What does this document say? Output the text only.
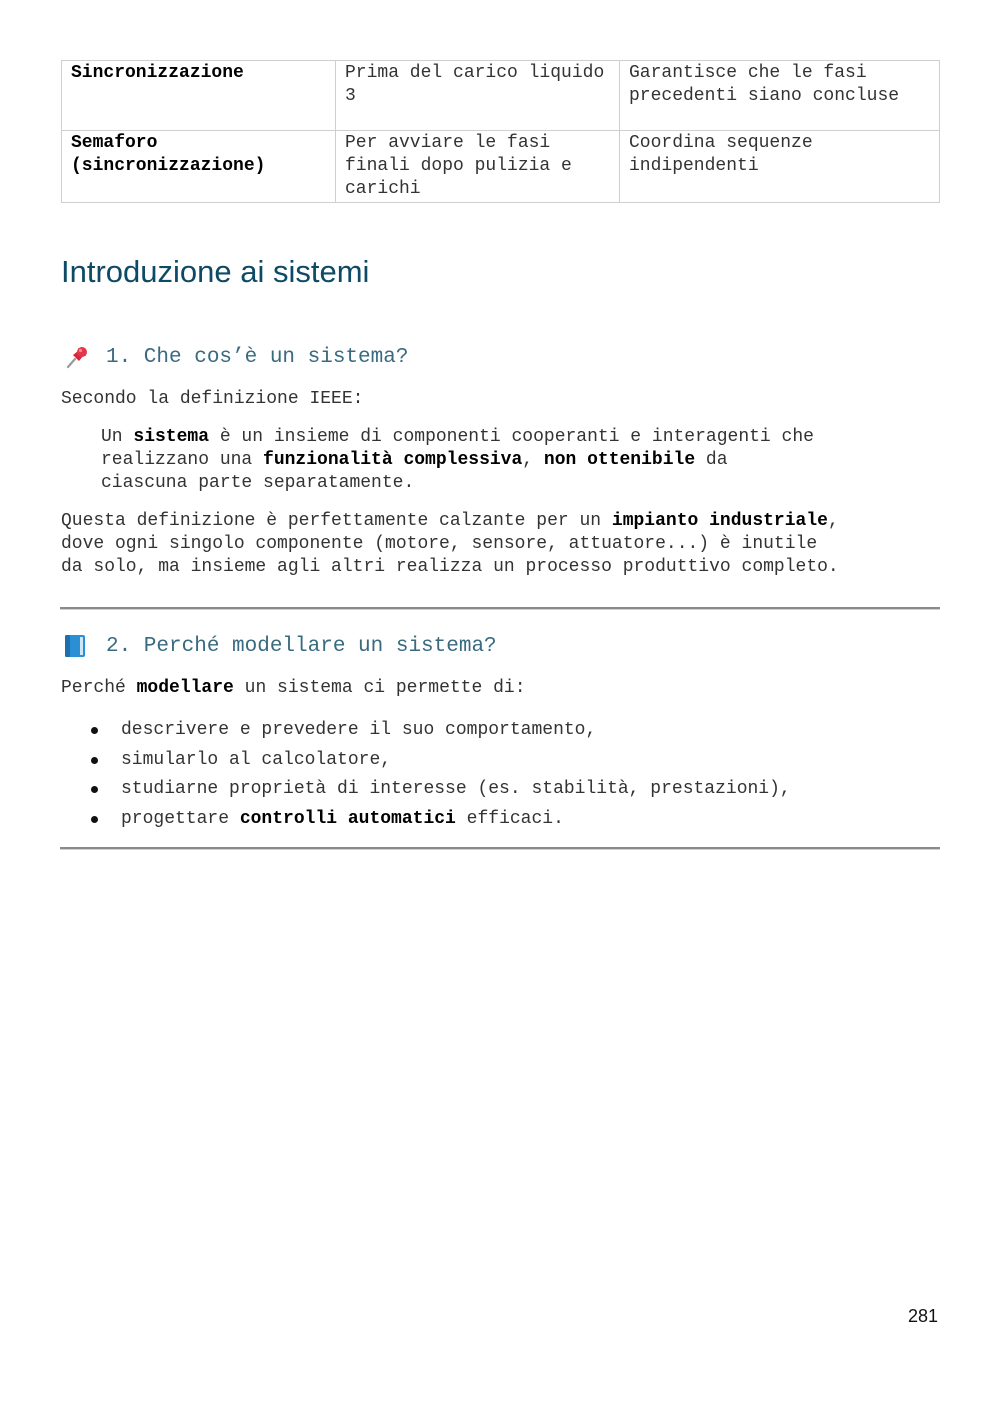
Sincronizzazione	Prima del carico liquido 3	Garantisce che le fasi precedenti siano concluse
Semaforo (sincronizzazione)	Per avviare le fasi finali dopo pulizia e carichi	Coordina sequenze indipendenti
Introduzione ai sistemi
1. Che cos’è un sistema?

Secondo la definizione IEEE:

Un sistema è un insieme di componenti cooperanti e interagenti che
realizzano una funzionalità complessiva, non ottenibile da
ciascuna parte separatamente.
Questa definizione è perfettamente calzante per un impianto industriale,
dove ogni singolo componente (motore, sensore, attuatore...) è inutile
da solo, ma insieme agli altri realizza un processo produttivo completo.
2. Perché modellare un sistema?

Perché modellare un sistema ci permette di:

descrivere e prevedere il suo comportamento,
simularlo al calcolatore,
studiarne proprietà di interesse (es. stabilità, prestazioni),
progettare controlli automatici efficaci.
281
